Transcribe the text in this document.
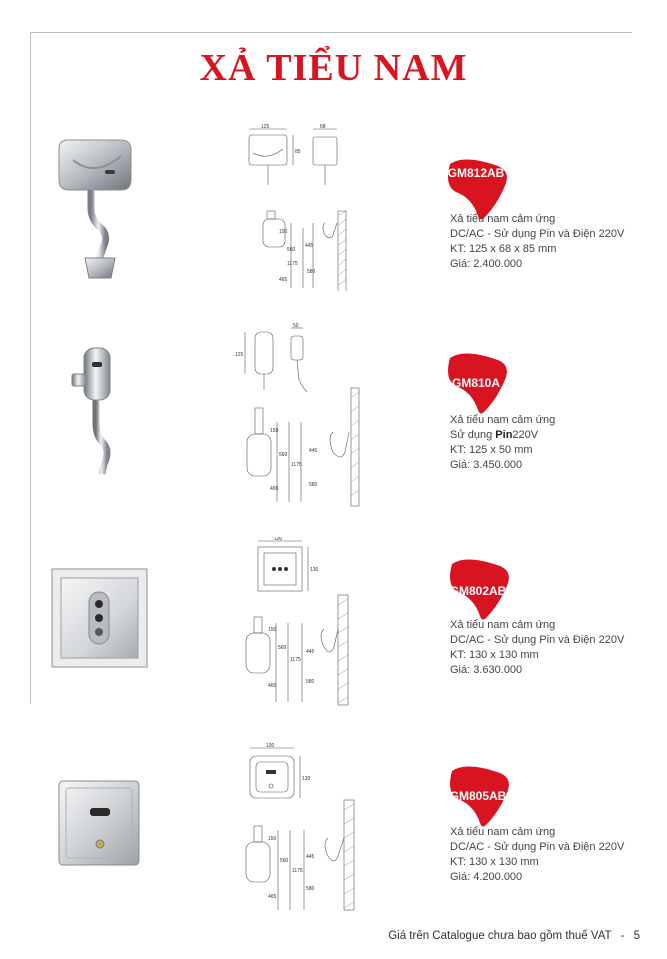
XẢ TIỂU NAM
125	68
85
150
560
1175
465
445
580
GM812AB
Xả tiểu nam cảm ứng
DC/AC - Sử dụng Pin và Điện 220V
KT: 125 x 68 x 85 mm
Giá: 2.400.000
125
50
150
560
1175
465
445
580
GM810A
Xả tiểu nam cảm ứng
Sử dụng Pin220V
KT: 125 x 50 mm
Giá: 3.450.000
130
130
150
560
1175
465
445
580
GM802AB
Xả tiểu nam cảm ứng
DC/AC - Sử dụng Pin và Điện 220V
KT: 130 x 130 mm
Giá: 3.630.000
130
130
150
560
1175
465
445
580
GM805AB
Xả tiểu nam cảm ứng
DC/AC - Sử dụng Pin và Điện 220V
KT: 130 x 130 mm
Giá: 4.200.000
Giá trên Catalogue chưa bao gồm thuế VAT - 5
